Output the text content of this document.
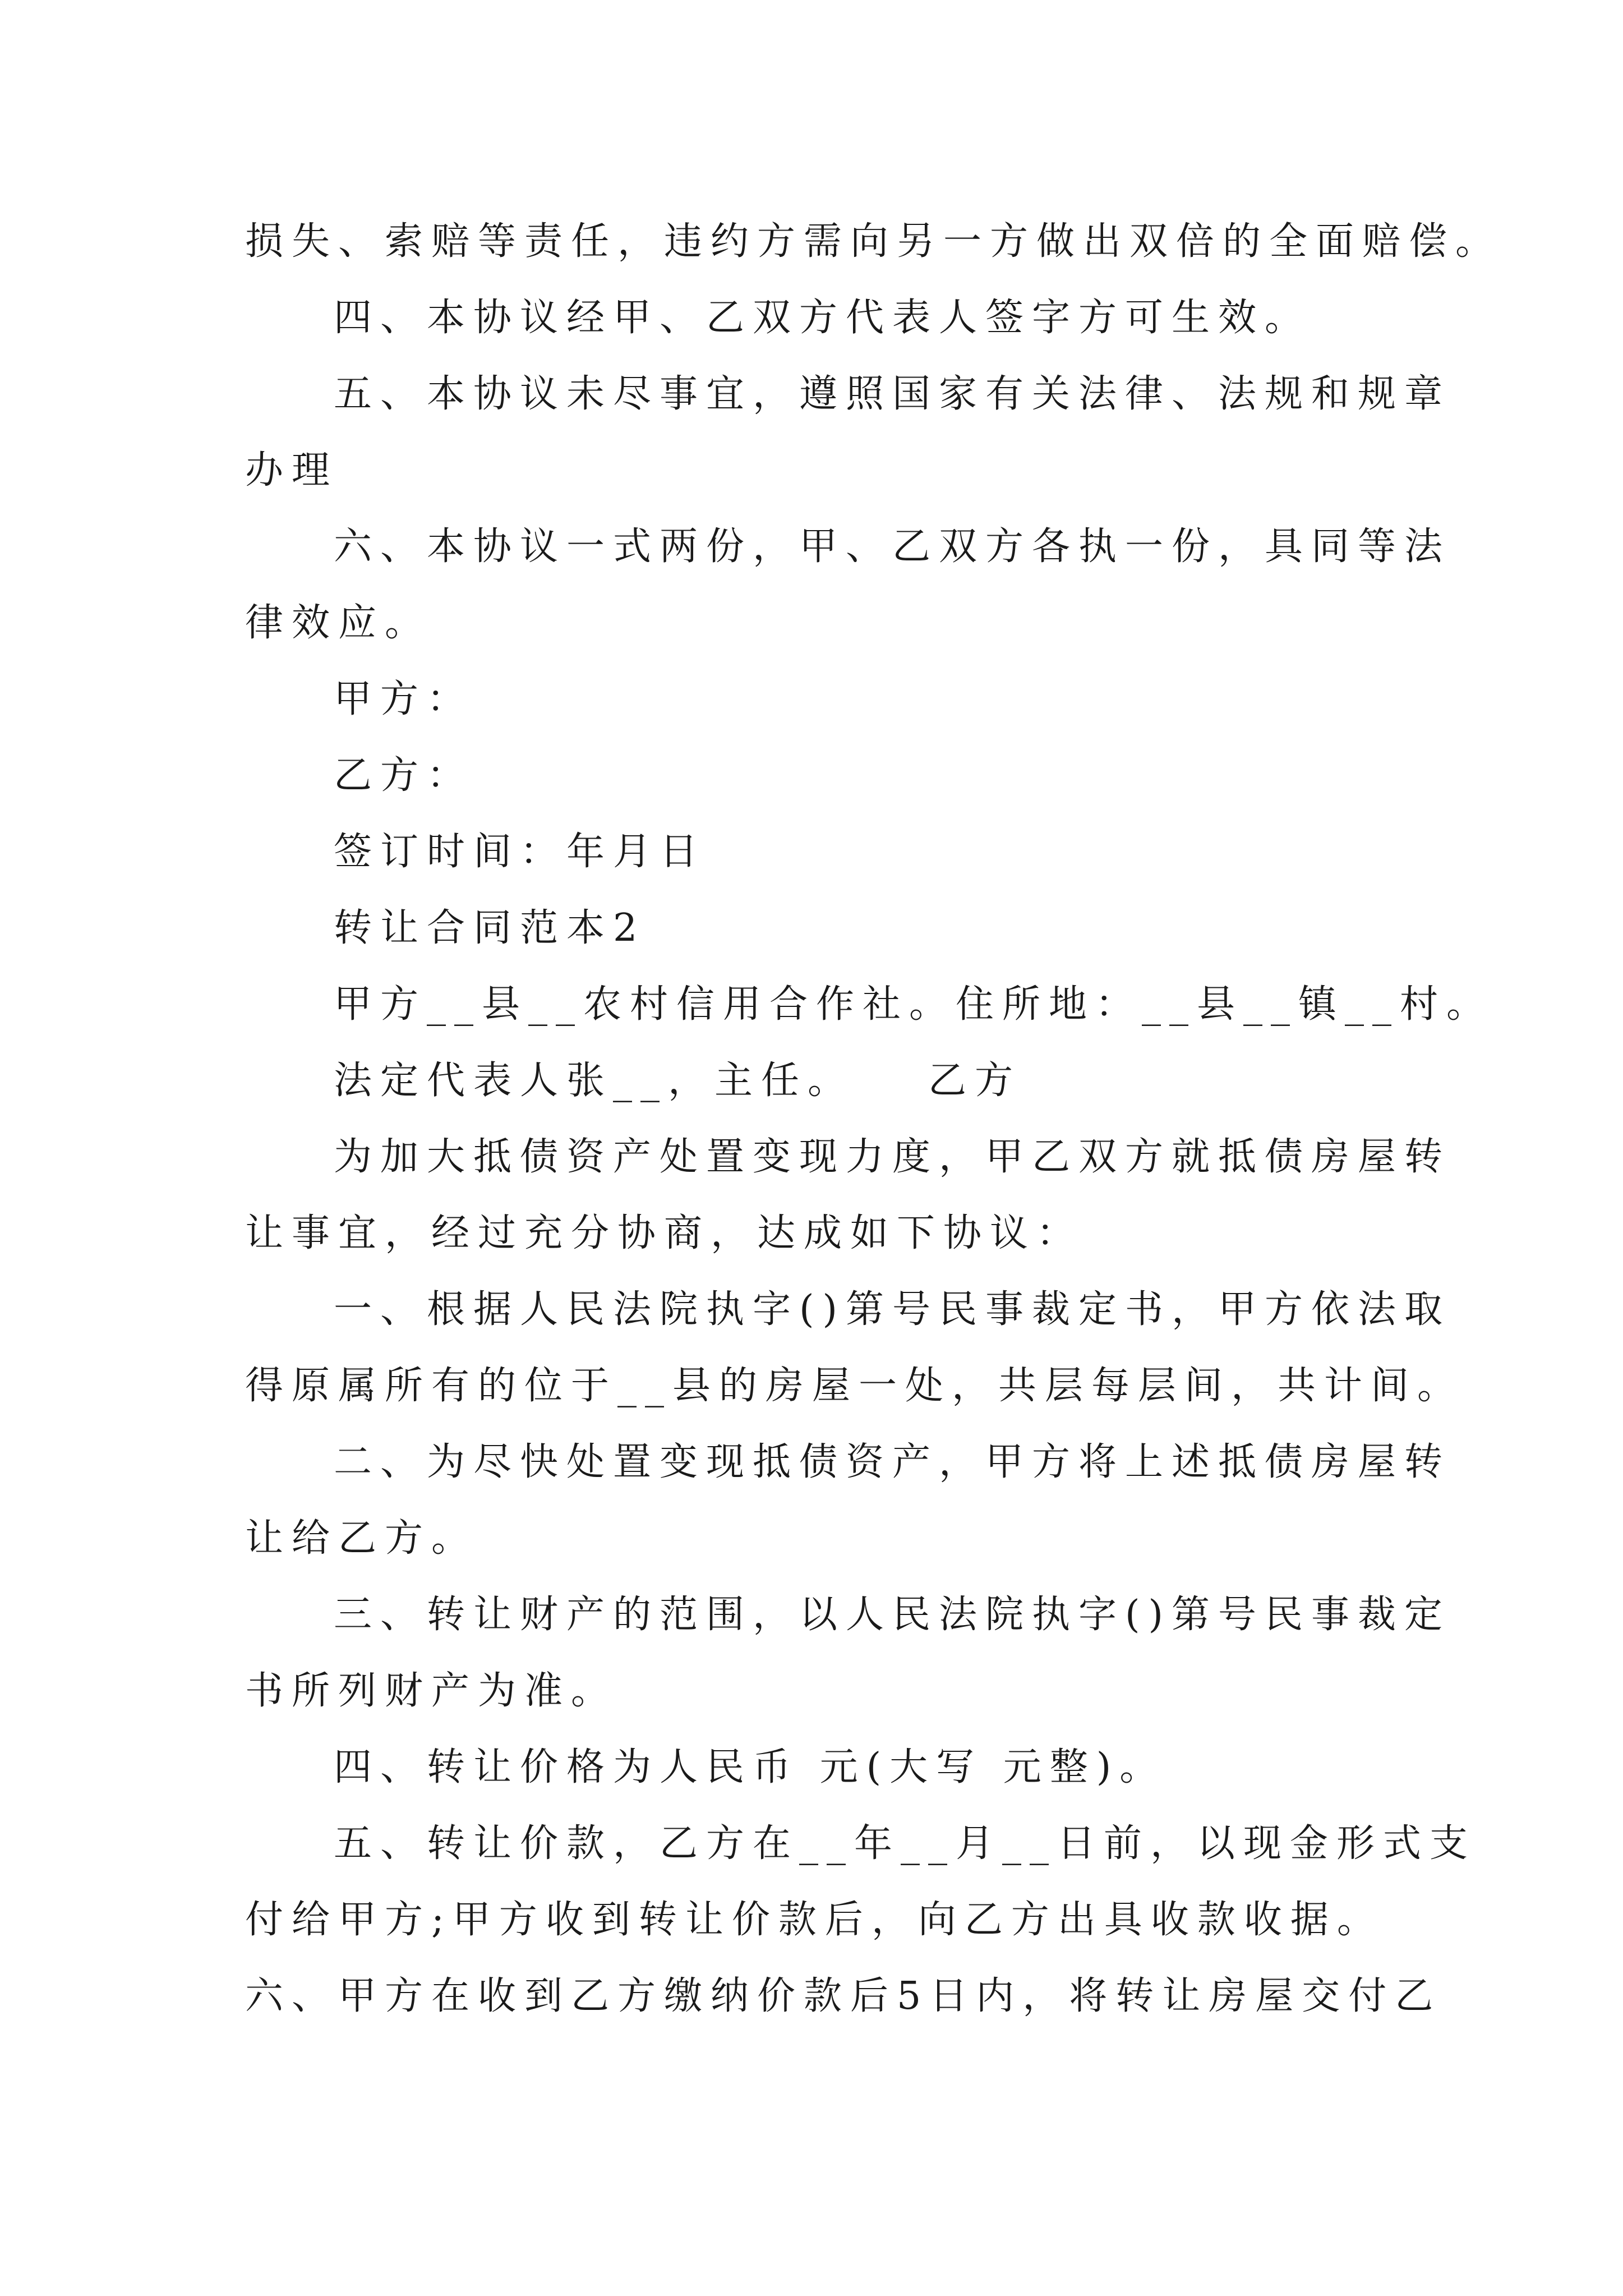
损失、索赔等责任，违约方需向另一方做出双倍的全面赔偿。
四、本协议经甲、乙双方代表人签字方可生效。
五、本协议未尽事宜，遵照国家有关法律、法规和规章
办理
六、本协议一式两份，甲、乙双方各执一份，具同等法
律效应。
甲方：
乙方：
签订时间：年月日
转让合同范本2
甲方__县__农村信用合作社。住所地：__县__镇__村。
法定代表人张__，主任。　　乙方
为加大抵债资产处置变现力度，甲乙双方就抵债房屋转
让事宜，经过充分协商，达成如下协议：
一、根据人民法院执字()第号民事裁定书，甲方依法取
得原属所有的位于__县的房屋一处，共层每层间，共计间。
二、为尽快处置变现抵债资产，甲方将上述抵债房屋转
让给乙方。
三、转让财产的范围，以人民法院执字()第号民事裁定
书所列财产为准。
四、转让价格为人民币 元(大写 元整)。
五、转让价款，乙方在__年__月__日前，以现金形式支
付给甲方;甲方收到转让价款后，向乙方出具收款收据。
六、甲方在收到乙方缴纳价款后5日内，将转让房屋交付乙
